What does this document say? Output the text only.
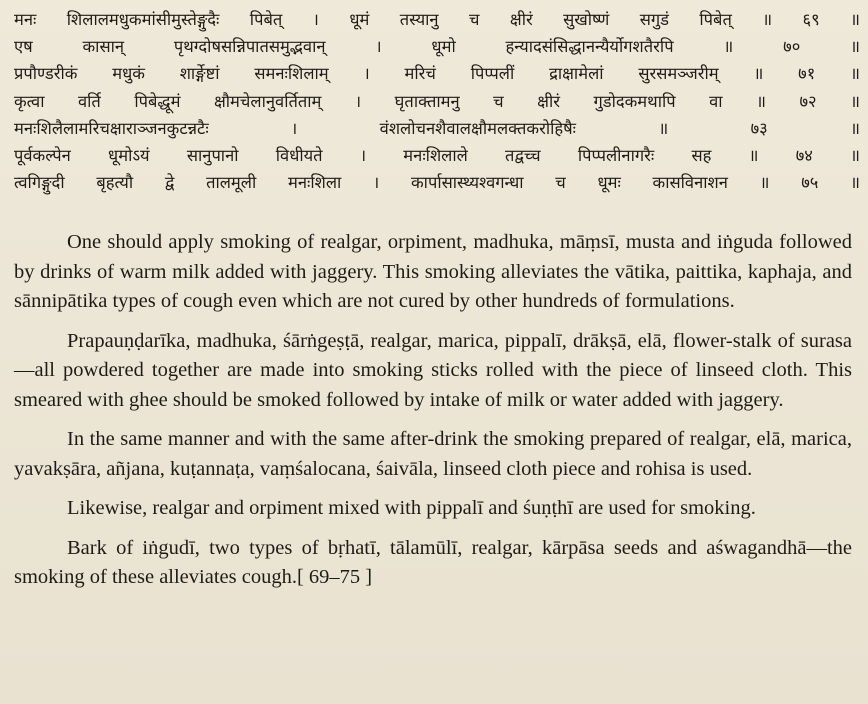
मनः शिलालमधुकमांसीमुस्तेङ्गुदैः पिबेत् । धूमं तस्यानु च क्षीरं सुखोष्णं सगुडं पिबेत् ॥ ६९ ॥
एष कासान् पृथग्दोषसन्निपातसमुद्भवान् । धूमो हन्यादसंसिद्धानन्यैर्योगशतैरपि ॥ ७० ॥
प्रपौण्डरीकं मधुकं शार्ङ्गेष्टां समनःशिलाम् । मरिचं पिप्पलीं द्राक्षामेलां सुरसमञ्जरीम् ॥ ७१ ॥
कृत्वा वर्ति पिबेद्धूमं क्षौमचेलानुवर्तिताम् । घृताक्तामनु च क्षीरं गुडोदकमथापि वा ॥ ७२ ॥
मनःशिलैलामरिचक्षाराञ्जनकुटन्नटैः । वंशलोचनशैवालक्षौमलक्तकरोहिषैः ॥ ७३ ॥
पूर्वकल्पेन धूमोऽयं सानुपानो विधीयते । मनःशिलाले तद्वच्च पिप्पलीनागरैः सह ॥ ७४ ॥
त्वगिङ्गुदी बृहत्यौ द्वे तालमूली मनःशिला । कार्पासास्थ्यश्वगन्धा च धूमः कासविनाशन ॥ ७५ ॥

One should apply smoking of realgar, orpiment, madhuka, māṃsī, musta and iṅguda followed by drinks of warm milk added with jaggery. This smoking alleviates the vātika, paittika, kaphaja, and sānnipātika types of cough even which are not cured by other hundreds of formulations.

Prapauṇḍarīka, madhuka, śārṅgeṣṭā, realgar, marica, pippalī, drākṣā, elā, flower-stalk of surasa—all powdered together are made into smoking sticks rolled with the piece of linseed cloth. This smeared with ghee should be smoked followed by intake of milk or water added with jaggery.

In the same manner and with the same after-drink the smoking prepared of realgar, elā, marica, yavakṣāra, añjana, kuṭannaṭa, vaṃśalocana, śaivāla, linseed cloth piece and rohisa is used.

Likewise, realgar and orpiment mixed with pippalī and śuṇṭhī are used for smoking.

Bark of iṅgudī, two types of bṛhatī, tālamūlī, realgar, kārpāsa seeds and aśwagandhā—the smoking of these alleviates cough.[ 69–75 ]
